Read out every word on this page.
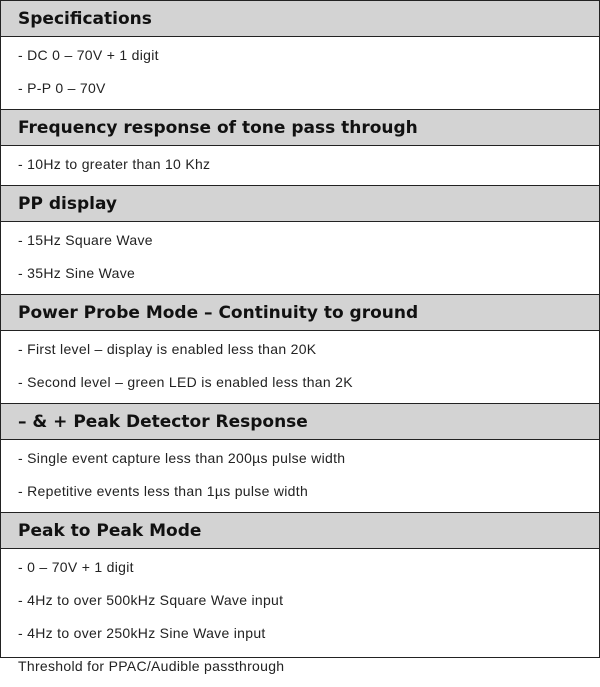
Specifications
- DC 0 – 70V + 1 digit
- P-P 0 – 70V
Frequency response of tone pass through
- 10Hz to greater than 10 Khz
PP display
- 15Hz Square Wave
- 35Hz Sine Wave
Power Probe Mode – Continuity to ground
- First level – display is enabled less than 20K
- Second level – green LED is enabled less than 2K
– & + Peak Detector Response
- Single event capture less than 200µs pulse width
- Repetitive events less than 1µs pulse width
Peak to Peak Mode
- 0 – 70V + 1 digit
- 4Hz to over 500kHz Square Wave input
- 4Hz to over 250kHz Sine Wave input
Threshold for PPAC/Audible passthrough
